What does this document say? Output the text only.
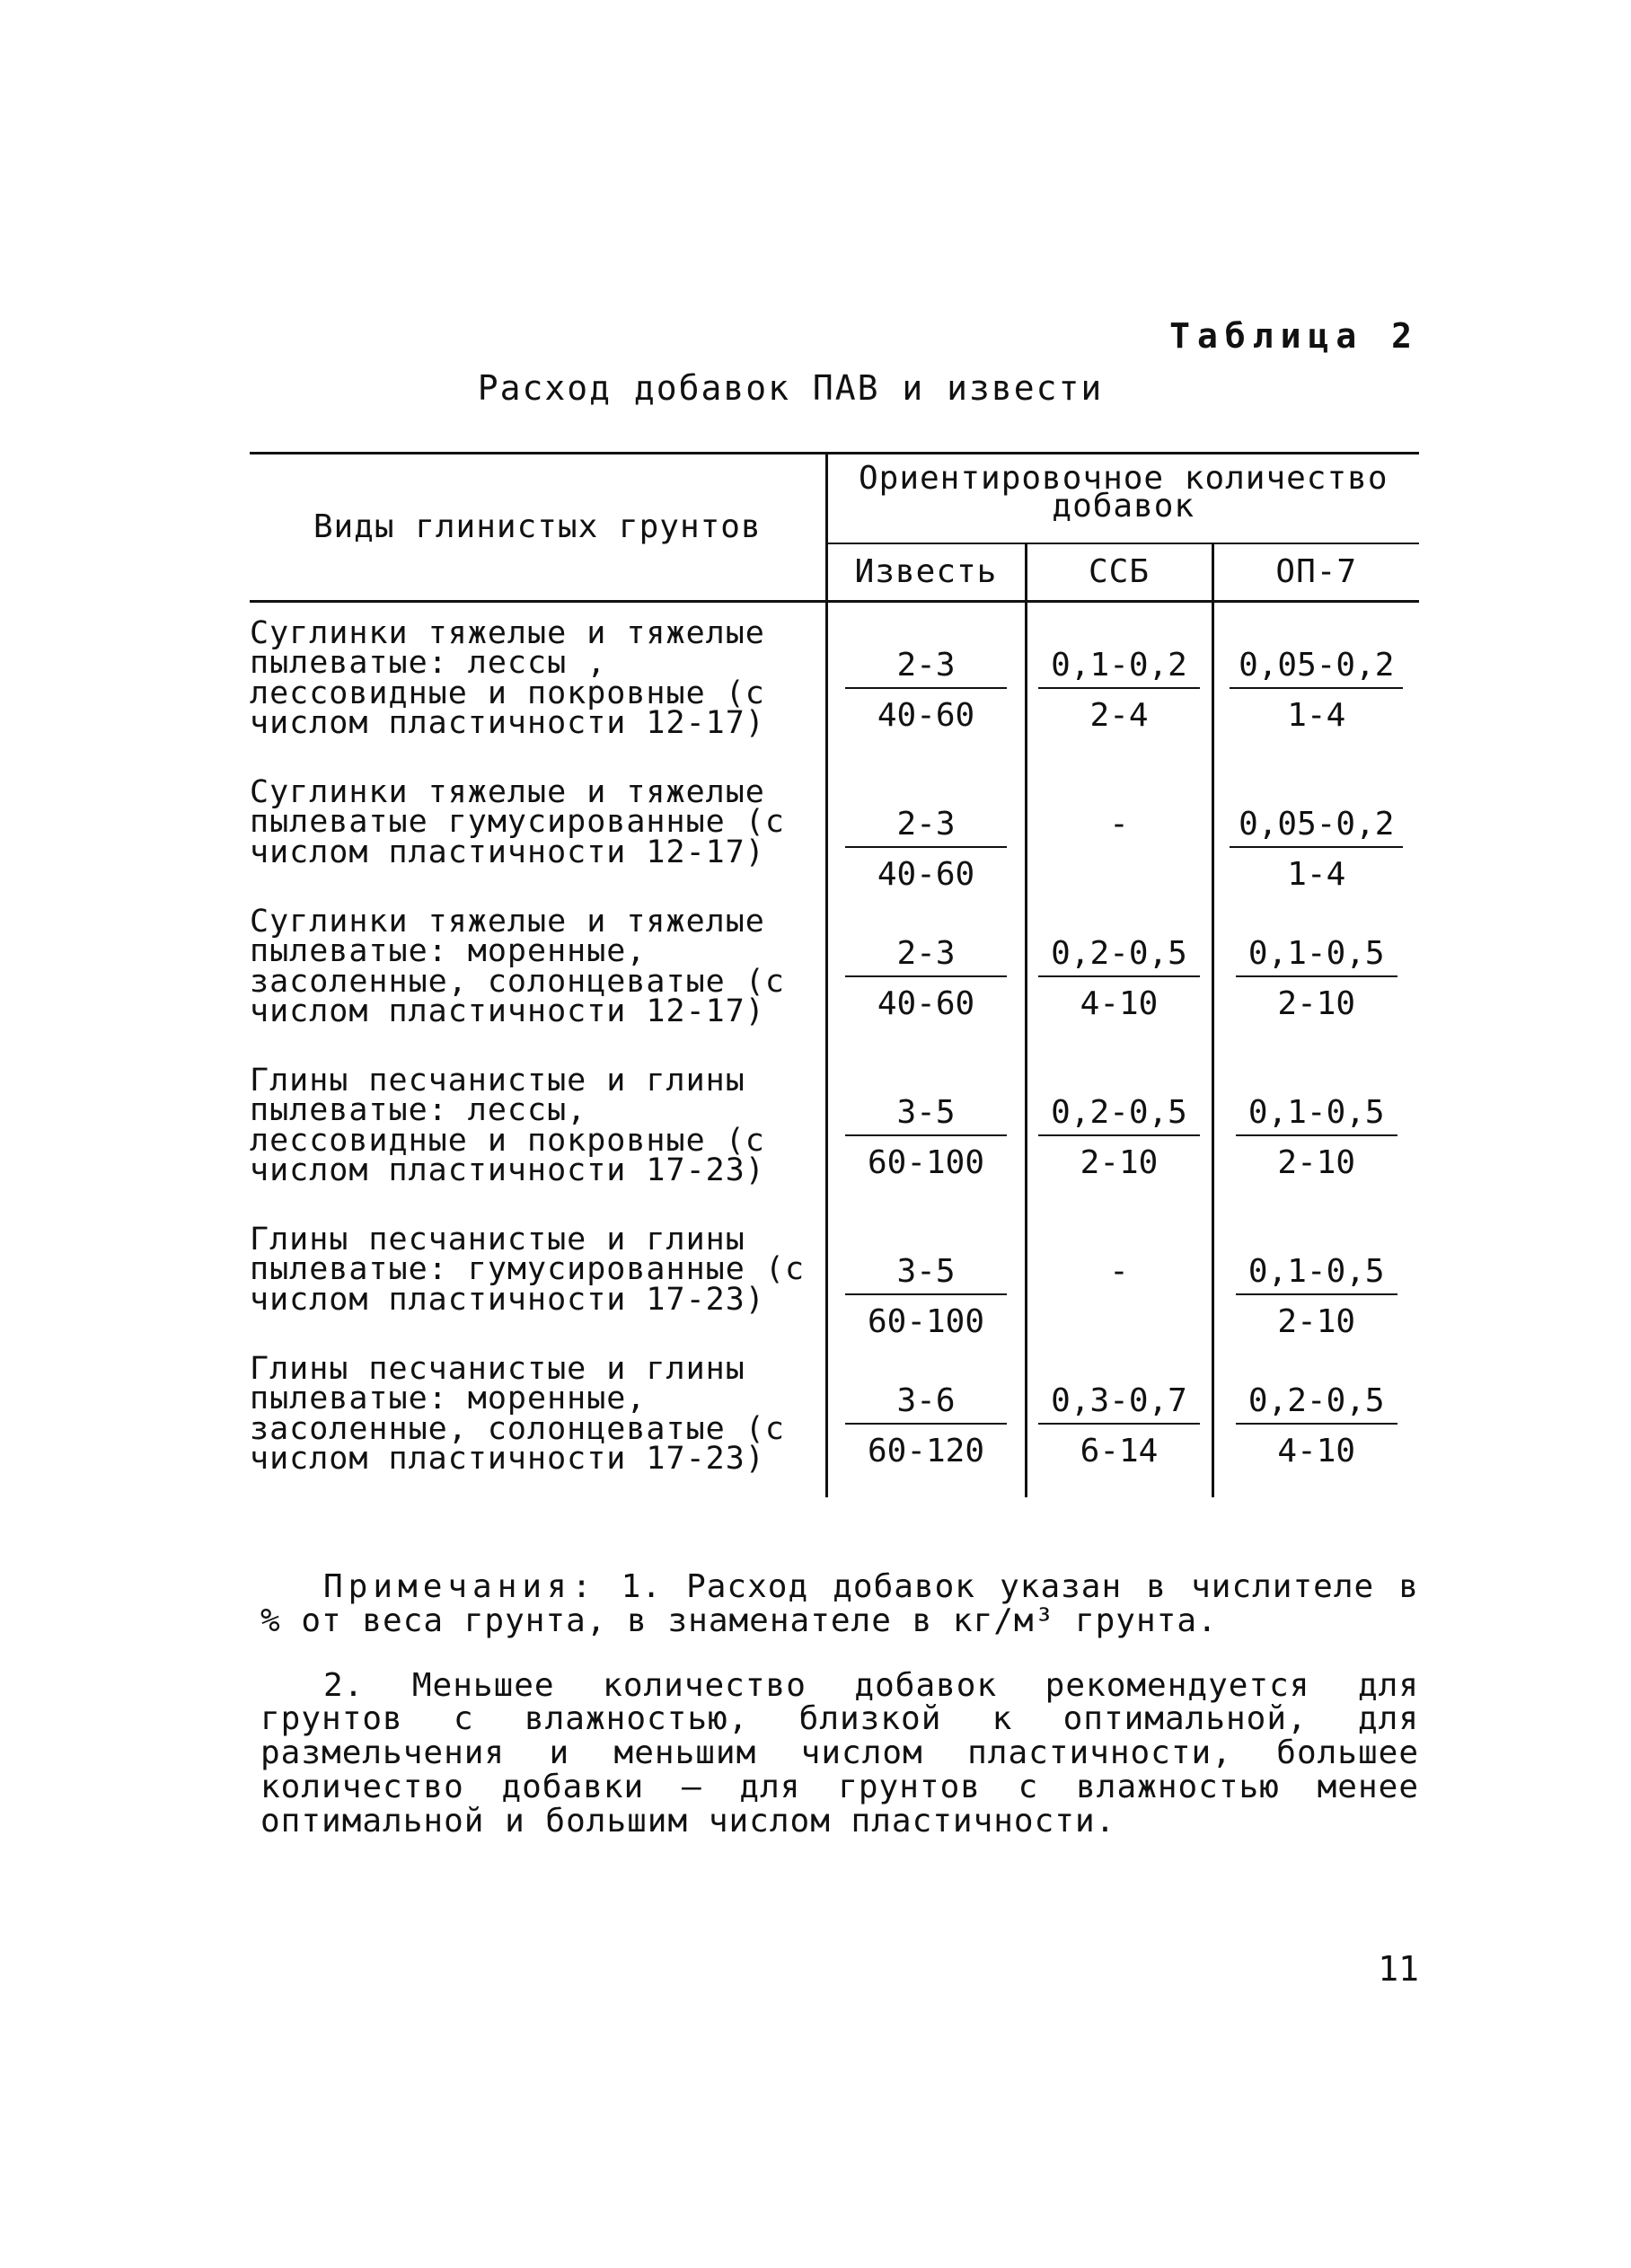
Таблица 2
Расход добавок ПАВ и извести
Виды глинистых грунтов	Ориентировочное количество добавок		
	Известь	ССБ	ОП-7
Суглинки тяжелые и тяжелые пылеватые: лессы , лессовидные и покровные (с числом пластичности 12-17)	$\frac{2-3}{40-60}$	$\frac{0,1-0,2}{2-4}$	$\frac{0,05-0,2}{1-4}$

Суглинки тяжелые и тяжелые пылеватые гумусированные (с числом пластичности 12-17)	$\frac{2-3}{40-60}$	-	$\frac{0,05-0,2}{1-4}$

Суглинки тяжелые и тяжелые пылеватые: моренные, засоленные, солонцеватые (с числом пластичности 12-17)	$\frac{2-3}{40-60}$	$\frac{0,2-0,5}{4-10}$	$\frac{0,1-0,5}{2-10}$

Глины песчанистые и глины пылеватые: лессы, лессовидные и покровные (с числом пластичности 17-23)	$\frac{3-5}{60-100}$	$\frac{0,2-0,5}{2-10}$	$\frac{0,1-0,5}{2-10}$

Глины песчанистые и глины пылеватые: гумусированные (с числом пластичности 17-23)	$\frac{3-5}{60-100}$	-	$\frac{0,1-0,5}{2-10}$

Глины песчанистые и глины пылеватые: моренные, засоленные, солонцеватые (с числом пластичности 17-23)	$\frac{3-6}{60-120}$	$\frac{0,3-0,7}{6-14}$	$\frac{0,2-0,5}{4-10}$

Примечания: 1. Расход добавок указан в числителе в % от веса грунта, в знаменателе в кг/м³ грунта.

2. Меньшее количество добавок рекомендуется для грунтов с влажностью, близкой к оптимальной, для размельчения и меньшим числом пластичности, большее количество добавки – для грунтов с влажностью менее оптимальной и большим числом пластичности.

11
